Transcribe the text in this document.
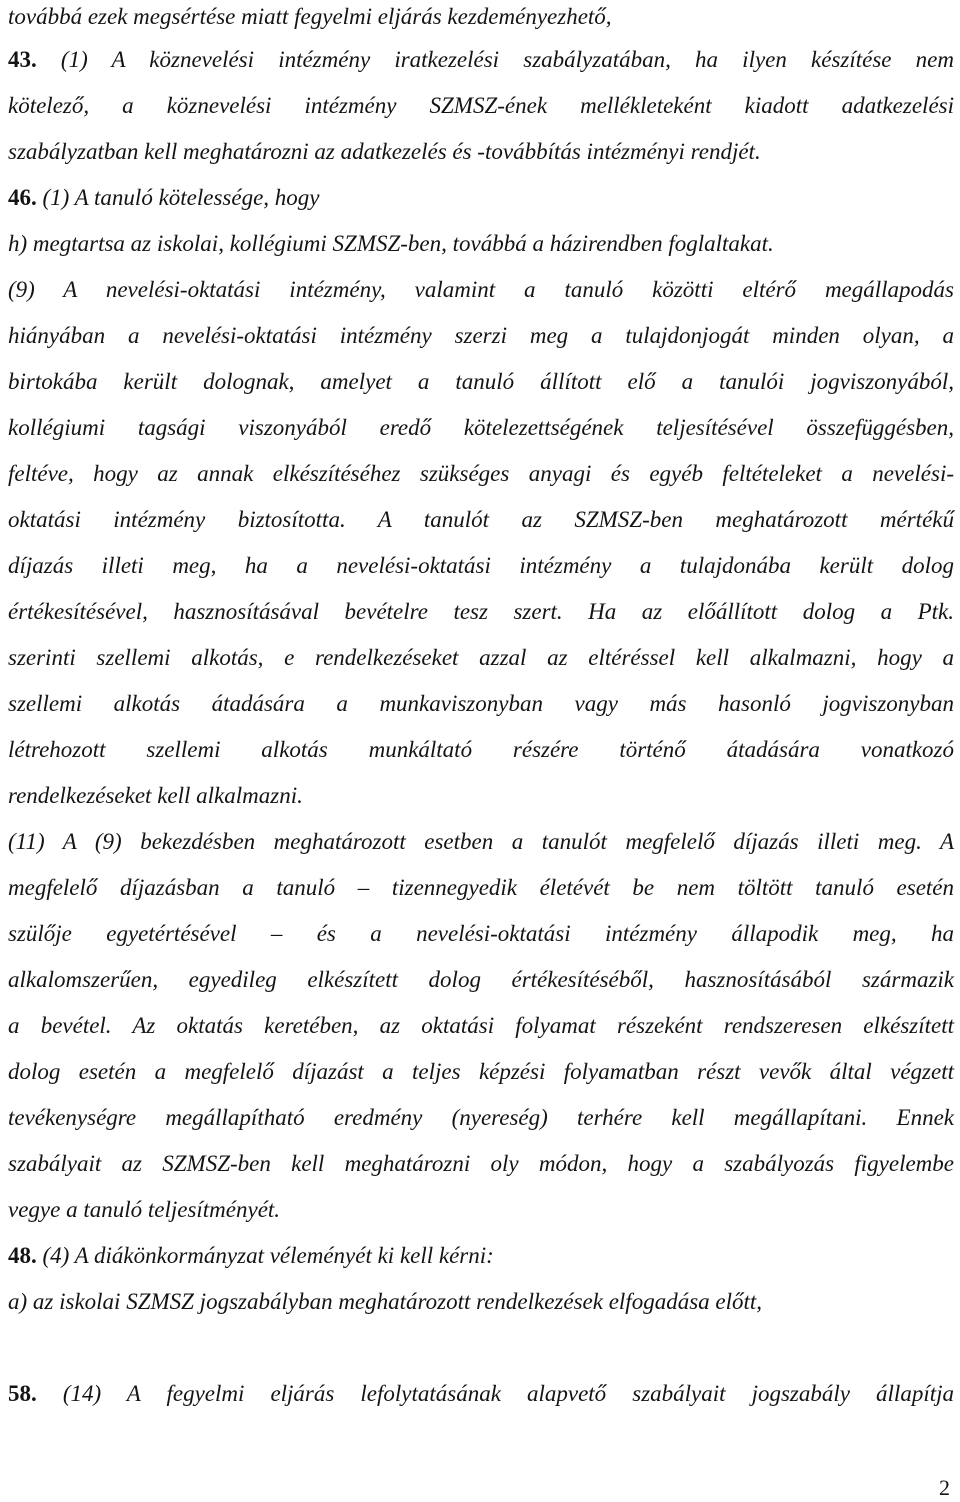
továbbá ezek megsértése miatt fegyelmi eljárás kezdeményezhető,
43. (1) A köznevelési intézmény iratkezelési szabályzatában, ha ilyen készítése nem
kötelező, a köznevelési intézmény SZMSZ-ének mellékleteként kiadott adatkezelési
szabályzatban kell meghatározni az adatkezelés és -továbbítás intézményi rendjét.
46. (1) A tanuló kötelessége, hogy
h) megtartsa az iskolai, kollégiumi SZMSZ-ben, továbbá a házirendben foglaltakat.
(9) A nevelési-oktatási intézmény, valamint a tanuló közötti eltérő megállapodás
hiányában a nevelési-oktatási intézmény szerzi meg a tulajdonjogát minden olyan, a
birtokába került dolognak, amelyet a tanuló állított elő a tanulói jogviszonyából,
kollégiumi tagsági viszonyából eredő kötelezettségének teljesítésével összefüggésben,
feltéve, hogy az annak elkészítéséhez szükséges anyagi és egyéb feltételeket a nevelési-
oktatási intézmény biztosította. A tanulót az SZMSZ-ben meghatározott mértékű
díjazás illeti meg, ha a nevelési-oktatási intézmény a tulajdonába került dolog
értékesítésével, hasznosításával bevételre tesz szert. Ha az előállított dolog a Ptk.
szerinti szellemi alkotás, e rendelkezéseket azzal az eltéréssel kell alkalmazni, hogy a
szellemi alkotás átadására a munkaviszonyban vagy más hasonló jogviszonyban
létrehozott szellemi alkotás munkáltató részére történő átadására vonatkozó
rendelkezéseket kell alkalmazni.
(11) A (9) bekezdésben meghatározott esetben a tanulót megfelelő díjazás illeti meg. A
megfelelő díjazásban a tanuló – tizennegyedik életévét be nem töltött tanuló esetén
szülője egyetértésével – és a nevelési-oktatási intézmény állapodik meg, ha
alkalomszerűen, egyedileg elkészített dolog értékesítéséből, hasznosításából származik
a bevétel. Az oktatás keretében, az oktatási folyamat részeként rendszeresen elkészített
dolog esetén a megfelelő díjazást a teljes képzési folyamatban részt vevők által végzett
tevékenységre megállapítható eredmény (nyereség) terhére kell megállapítani. Ennek
szabályait az SZMSZ-ben kell meghatározni oly módon, hogy a szabályozás figyelembe
vegye a tanuló teljesítményét.
48. (4) A diákönkormányzat véleményét ki kell kérni:
a) az iskolai SZMSZ jogszabályban meghatározott rendelkezések elfogadása előtt,
58. (14) A fegyelmi eljárás lefolytatásának alapvető szabályait jogszabály állapítja
2
